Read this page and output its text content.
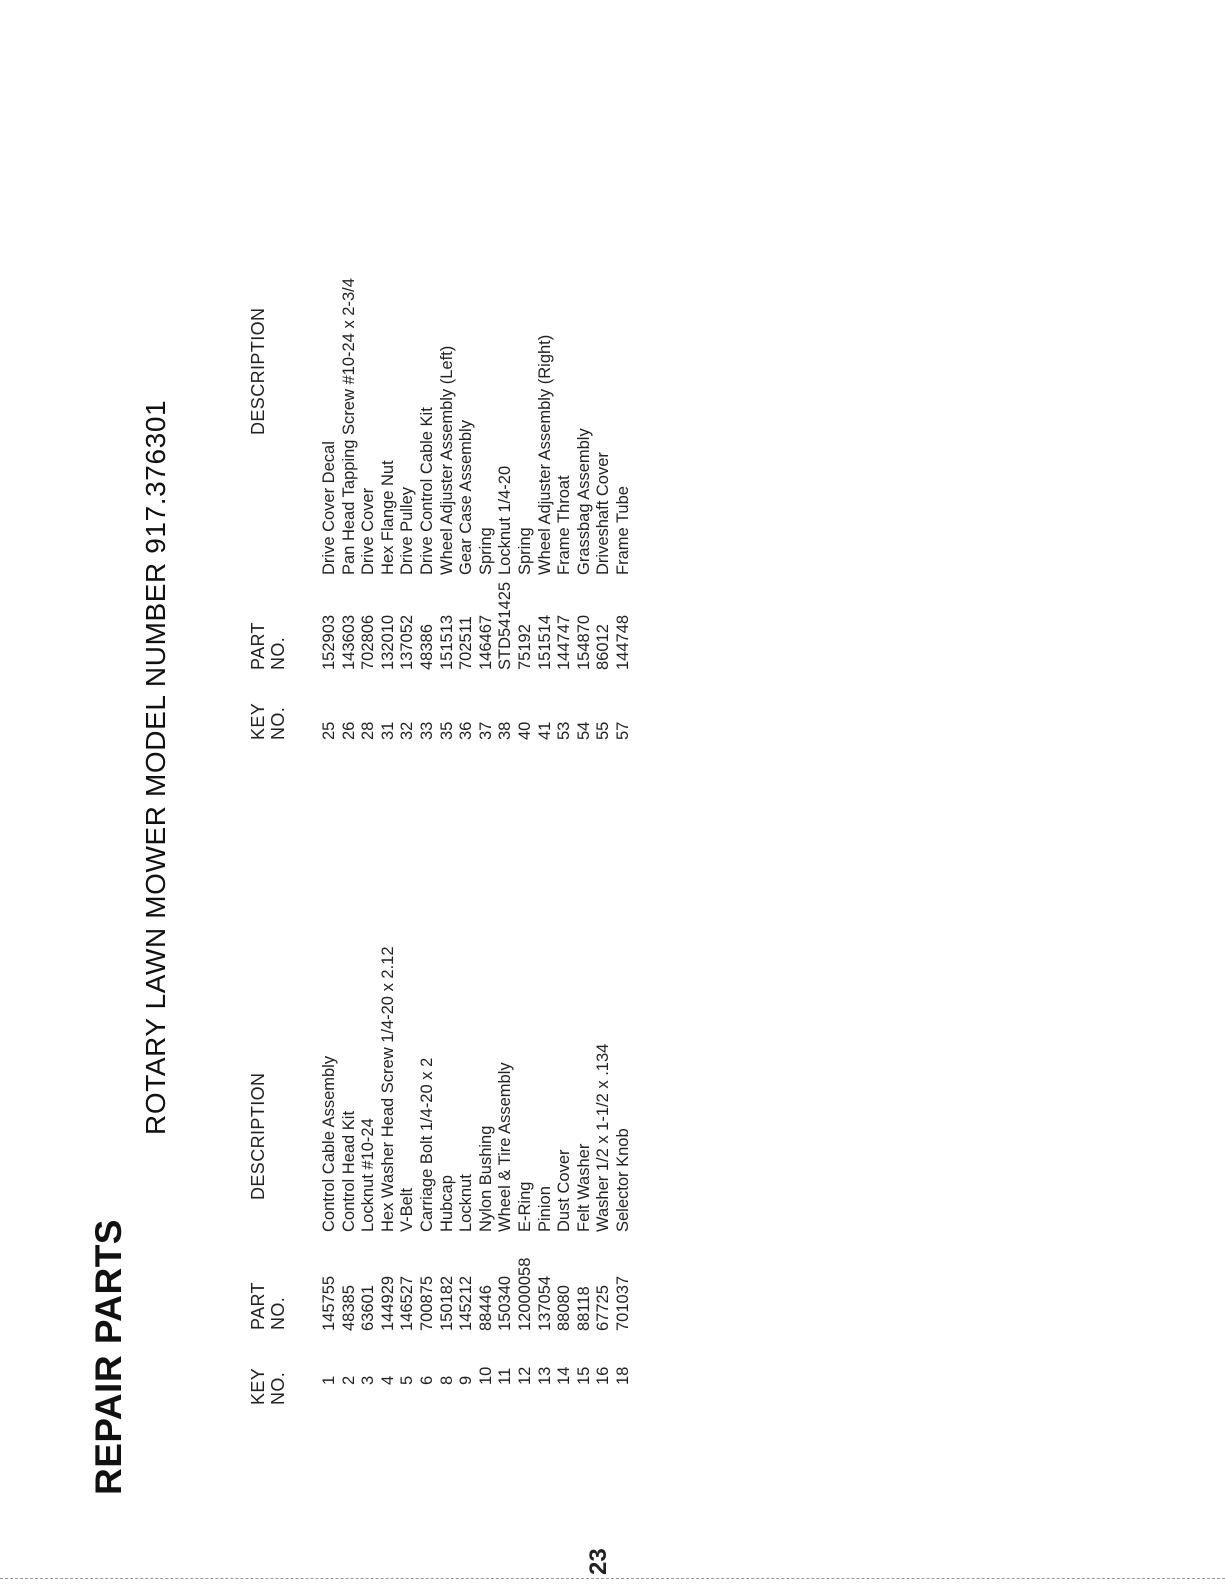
REPAIR PARTS
ROTARY LAWN MOWER MODEL NUMBER 917.376301
KEY NO.
PART NO.
DESCRIPTION
1 2 3 4 5 6 8 9 10 11 12 13 14 15 16 18
145755 48385 63601 144929 146527 700875 150182 145212 88446 150340 12000058 137054 88080 88118 67725 701037
Control Cable Assembly Control Head Kit Locknut #10-24 Hex Washer Head Screw 1/4-20 x 2.12 V-Belt Carriage Bolt 1/4-20 x 2 Hubcap Locknut Nylon Bushing Wheel & Tire Assembly E-Ring Pinion Dust Cover Felt Washer Washer 1/2 x 1-1/2 x .134 Selector Knob
KEY NO.
PART NO.
DESCRIPTION
25 26 28 31 32 33 35 36 37 38 40 41 53 54 55 57
152903 143603 702806 132010 137052 48386 151513 702511 146467 STD541425 75192 151514 144747 154870 86012 144748
Drive Cover Decal Pan Head Tapping Screw #10-24 x 2-3/4 Drive Cover Hex Flange Nut Drive Pulley Drive Control Cable Kit Wheel Adjuster Assembly (Left) Gear Case Assembly Spring Locknut 1/4-20 Spring Wheel Adjuster Assembly (Right) Frame Throat Grassbag Assembly Driveshaft Cover Frame Tube
23
